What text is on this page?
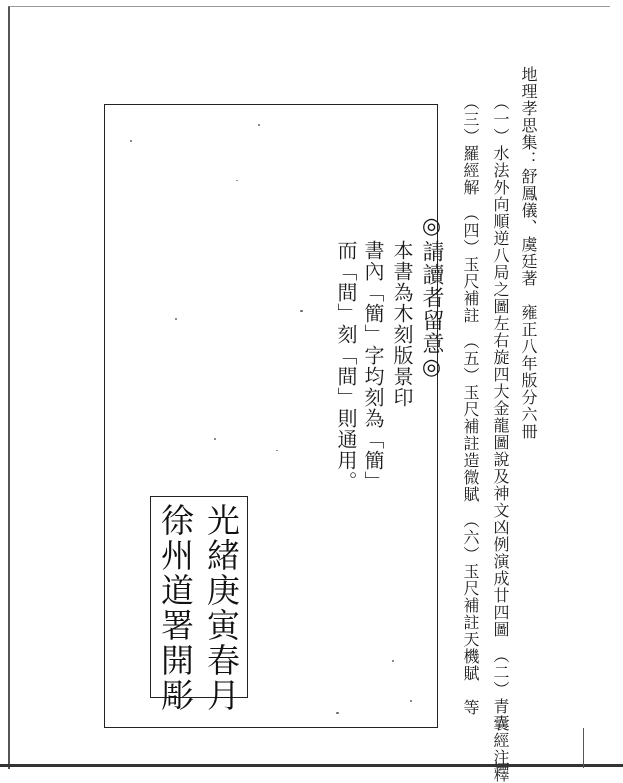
地理孝思集：舒鳳儀、虞廷著　雍正八年版分六冊
（一）水法外向順逆八局之圖左右旋四大金龍圖說及神文凶例演成廿四圖　（二）青囊經注釋
（三）羅經解　（四）玉尺補註　（五）玉尺補註造微賦　（六）玉尺補註天機賦　等
◎請讀者留意◎
本書為木刻版景印
書內「簡」字均刻為「簡」
而「間」刻「間」則通用。
光緒庚寅春月
徐州道署開彫
